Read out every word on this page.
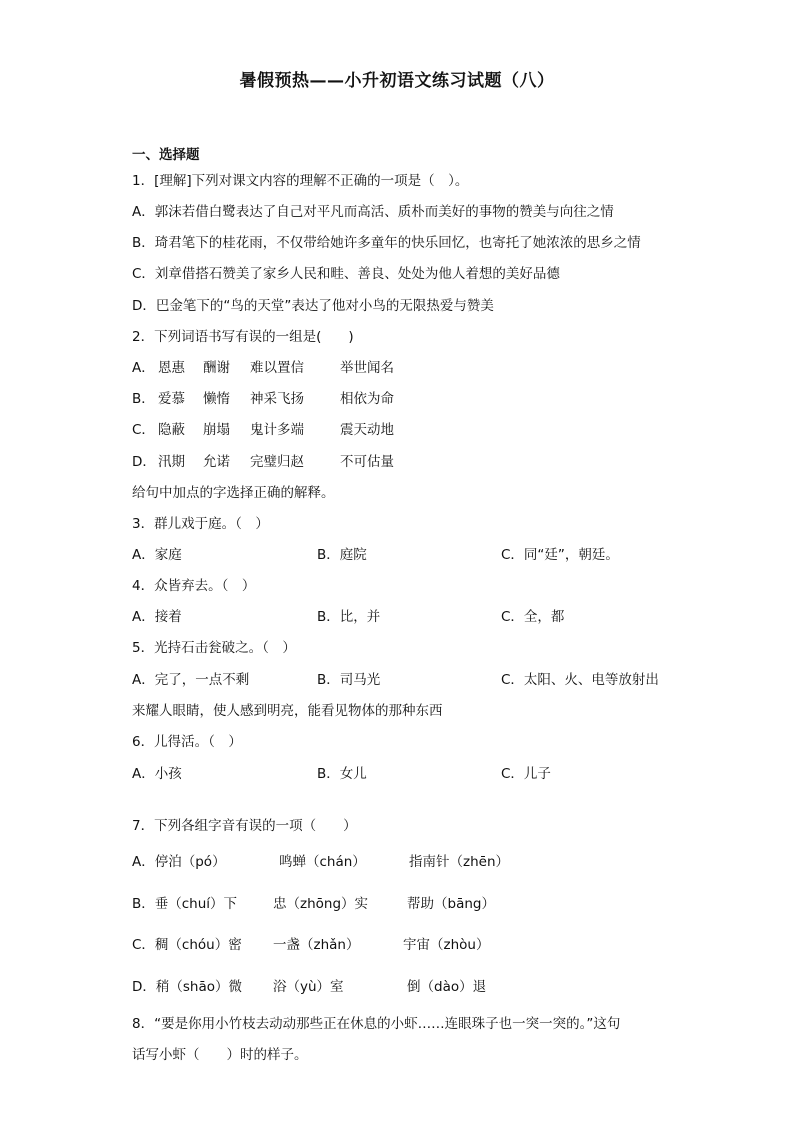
暑假预热——小升初语文练习试题（八）
一、选择题
1．[理解]下列对课文内容的理解不正确的一项是（　）。
A．郭沫若借白鹭表达了自己对平凡而高活、质朴而美好的事物的赞美与向往之情
B．琦君笔下的桂花雨，不仅带给她许多童年的快乐回忆，也寄托了她浓浓的思乡之情
C．刘章借搭石赞美了家乡人民和畦、善良、处处为他人着想的美好品德
D．巴金笔下的“鸟的天堂”表达了他对小鸟的无限热爱与赞美
2．下列词语书写有误的一组是(　　)
A． 恩惠 酬谢 难以置信	举世闻名
B． 爱慕 懒惰 神采飞扬	相依为命
C． 隐蔽 崩塌 鬼计多端	震天动地
D． 汛期 允诺 完璧归赵	不可估量
给句中加点的字选择正确的解释。
3．群儿戏于庭。（　）
A．家庭	B．庭院	C．同“廷”，朝廷。
4．众皆弃去。（　）
A．接着	B．比，并	C．全，都
5．光持石击瓮破之。（　）
A．完了，一点不剩	B．司马光	C．太阳、火、电等放射出
来耀人眼睛，使人感到明亮，能看见物体的那种东西
6．儿得活。（　）
A．小孩	B．女儿	C．儿子
7．下列各组字音有误的一项（　　）
A．停泊（pó）	鸣蝉（chán）	指南针（zhēn）
B．垂（chuí）下	忠（zhōng）实	帮助（bāng）
C．稠（chóu）密 一盏（zhǎn）	宇宙（zhòu）
D．稍（shāo）微 浴（yù）室	倒（dào）退
8．“要是你用小竹枝去动动那些正在休息的小虾……连眼珠子也一突一突的。”这句
话写小虾（　　）时的样子。
